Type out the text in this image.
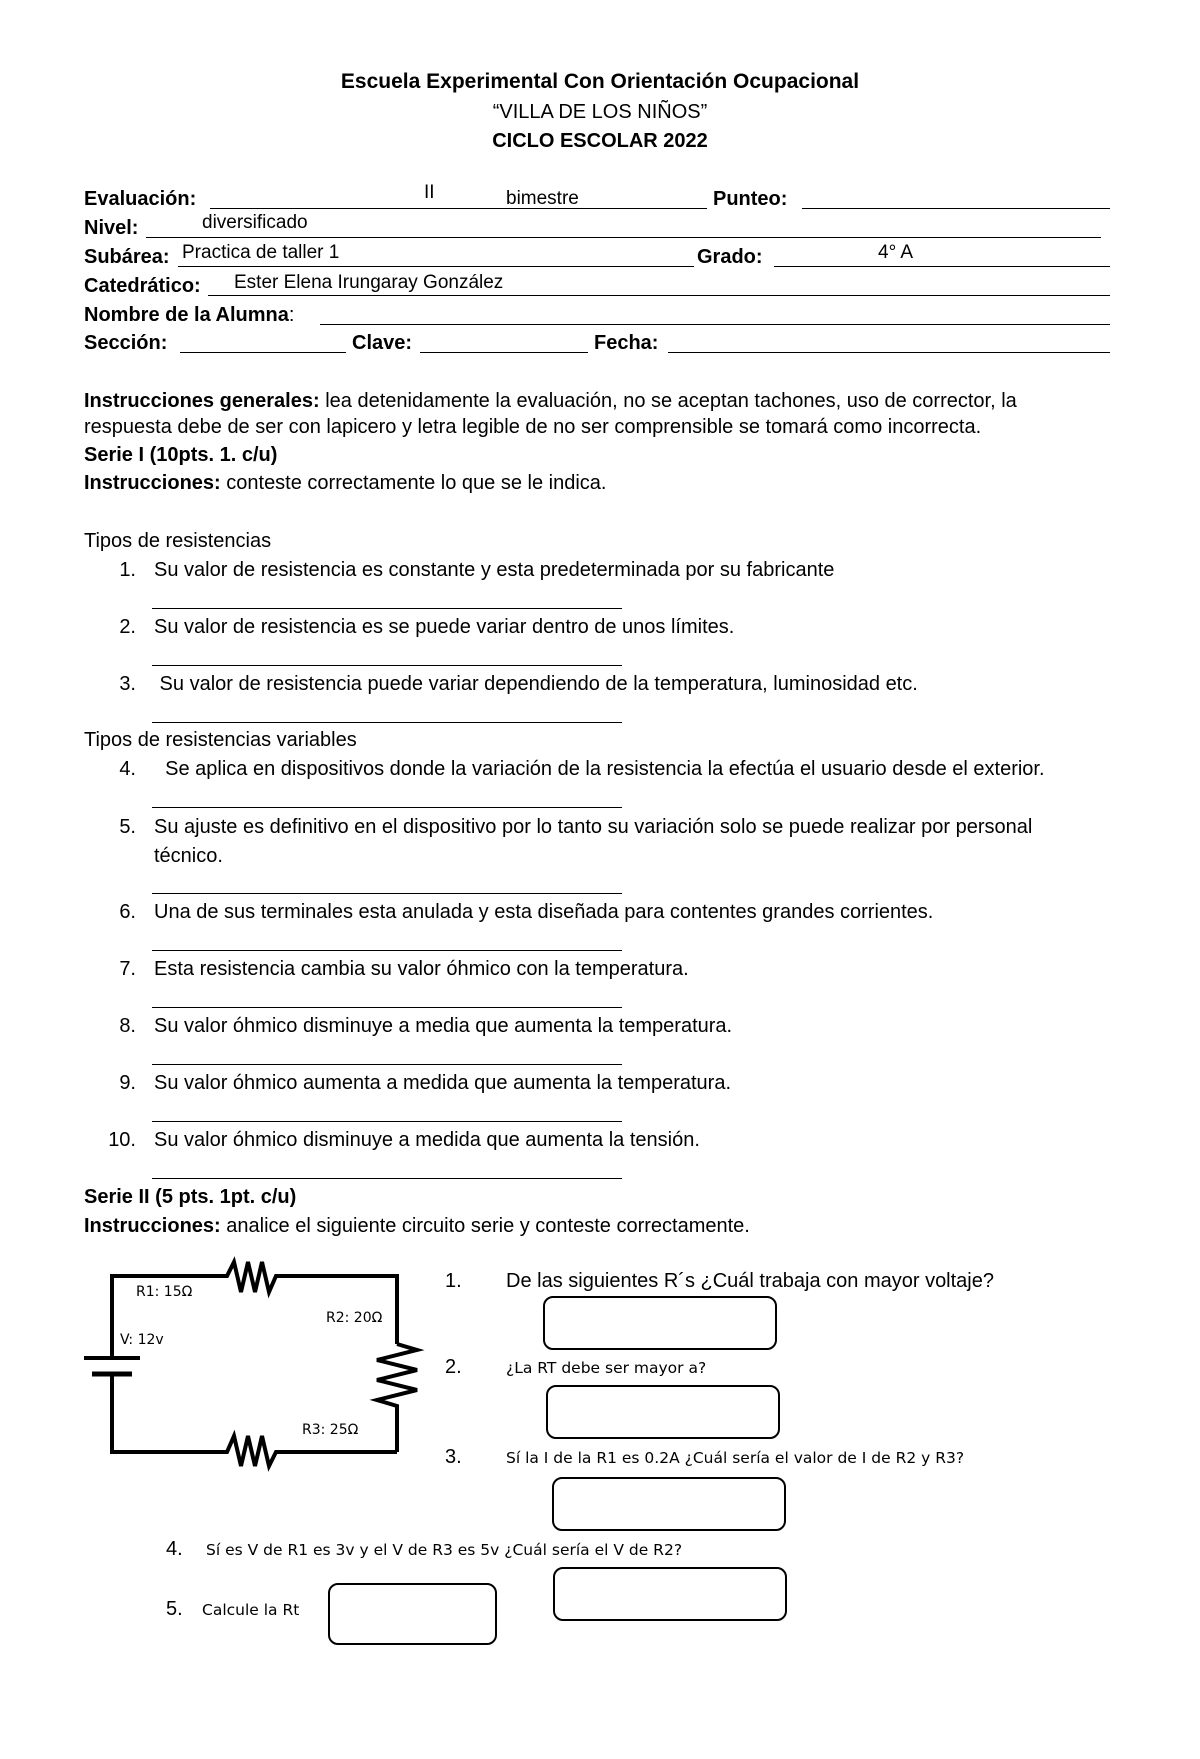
Escuela Experimental Con Orientación Ocupacional
“VILLA DE LOS NIÑOS”
CICLO ESCOLAR 2022
Evaluación:	II	bimestre	Punteo:
Nivel:	diversificado
Subárea: Practica de taller 1	Grado:	4° A
Catedrático: Ester Elena Irungaray González
Nombre de la Alumna:
Sección:	Clave:	Fecha:
Instrucciones generales: lea detenidamente la evaluación, no se aceptan tachones, uso de corrector, la
respuesta debe de ser con lapicero y letra legible de no ser comprensible se tomará como incorrecta.
Serie I (10pts. 1. c/u)
Instrucciones: conteste correctamente lo que se le indica.
Tipos de resistencias
1. Su valor de resistencia es constante y esta predeterminada por su fabricante
2. Su valor de resistencia es se puede variar dentro de unos límites.
3. Su valor de resistencia puede variar dependiendo de la temperatura, luminosidad etc.
Tipos de resistencias variables
4. Se aplica en dispositivos donde la variación de la resistencia la efectúa el usuario desde el exterior.
5. Su ajuste es definitivo en el dispositivo por lo tanto su variación solo se puede realizar por personal
técnico.
6. Una de sus terminales esta anulada y esta diseñada para contentes grandes corrientes.
7. Esta resistencia cambia su valor óhmico con la temperatura.
8. Su valor óhmico disminuye a media que aumenta la temperatura.
9. Su valor óhmico aumenta a medida que aumenta la temperatura.
10. Su valor óhmico disminuye a medida que aumenta la tensión.
Serie II (5 pts. 1pt. c/u)
Instrucciones: analice el siguiente circuito serie y conteste correctamente.
R1: 15Ω
R2: 20Ω
V: 12v
R3: 25Ω
1. De las siguientes R´s ¿Cuál trabaja con mayor voltaje?
2.	¿La RT debe ser mayor a?
3.	Sí la I de la R1 es 0.2A ¿Cuál sería el valor de I de R2 y R3?
4. Sí es V de R1 es 3v y el V de R3 es 5v ¿Cuál sería el V de R2?
5. Calcule la Rt
